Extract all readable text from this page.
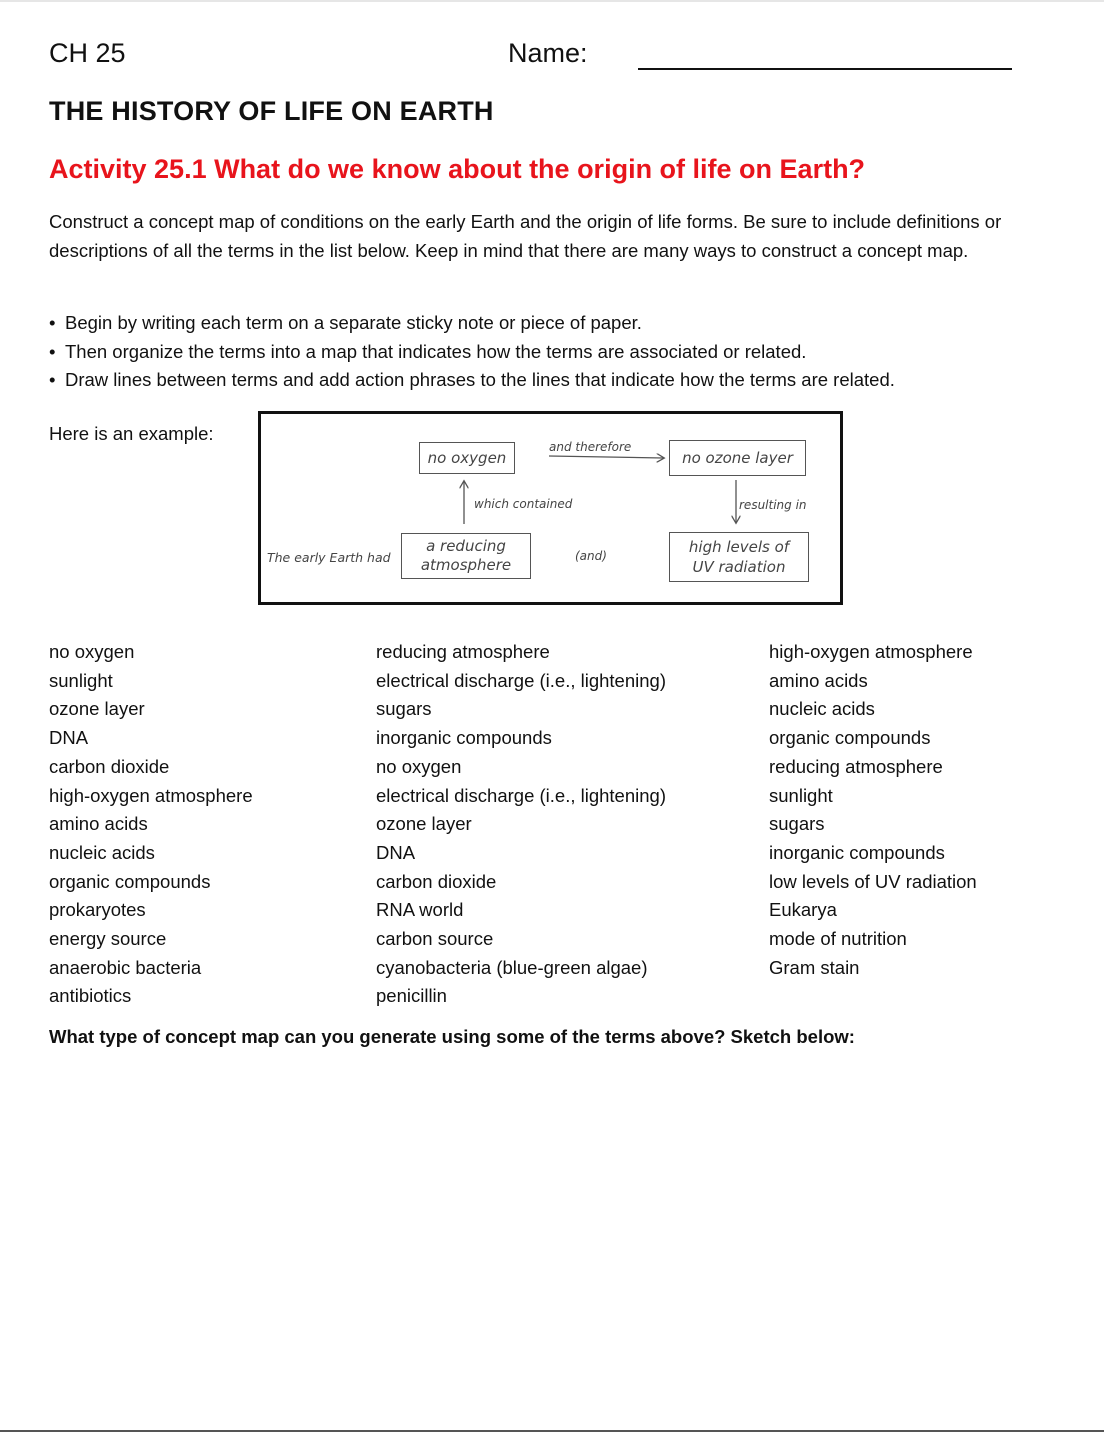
CH 25	Name:
THE HISTORY OF LIFE ON EARTH
Activity 25.1 What do we know about the origin of life on Earth?
Construct a concept map of conditions on the early Earth and the origin of life forms. Be sure to include definitions or descriptions of all the terms in the list below. Keep in mind that there are many ways to construct a concept map.
• Begin by writing each term on a separate sticky note or piece of paper.
• Then organize the terms into a map that indicates how the terms are associated or related.
• Draw lines between terms and add action phrases to the lines that indicate how the terms are related.
Here is an example:
The early Earth had
no oxygen
a reducing
atmosphere
no ozone layer
high levels of
UV radiation
which contained
and therefore
(and)
resulting in
no oxygen
sunlight
ozone layer
DNA
carbon dioxide
high-oxygen atmosphere
amino acids
nucleic acids
organic compounds
prokaryotes
energy source
anaerobic bacteria
antibiotics
reducing atmosphere
electrical discharge (i.e., lightening)
sugars
inorganic compounds
no oxygen
electrical discharge (i.e., lightening)
ozone layer
DNA
carbon dioxide
RNA world
carbon source
cyanobacteria (blue-green algae)
penicillin
high-oxygen atmosphere
amino acids
nucleic acids
organic compounds
reducing atmosphere
sunlight
sugars
inorganic compounds
low levels of UV radiation
Eukarya
mode of nutrition
Gram stain
What type of concept map can you generate using some of the terms above? Sketch below:
